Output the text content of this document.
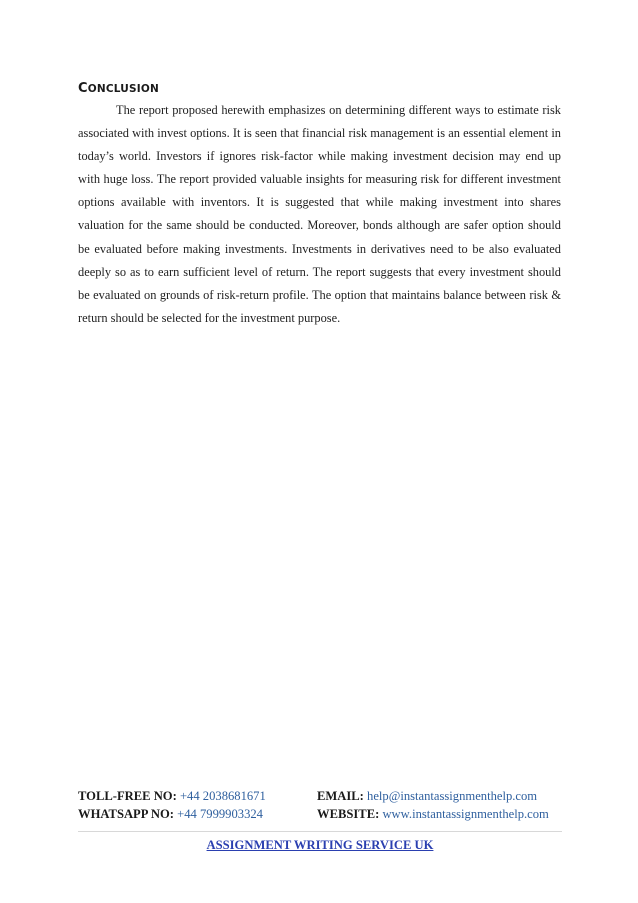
CONCLUSION

The report proposed herewith emphasizes on determining different ways to estimate risk associated with invest options. It is seen that financial risk management is an essential element in today’s world. Investors if ignores risk-factor while making investment decision may end up with huge loss. The report provided valuable insights for measuring risk for different investment options available with inventors. It is suggested that while making investment into shares valuation for the same should be conducted. Moreover, bonds although are safer option should be evaluated before making investments. Investments in derivatives need to be also evaluated deeply so as to earn sufficient level of return. The report suggests that every investment should be evaluated on grounds of risk-return profile. The option that maintains balance between risk & return should be selected for the investment purpose.

TOLL-FREE NO: +44 2038681671	EMAIL: help@instantassignmenthelp.com
WHATSAPP NO: +44 7999903324	WEBSITE: www.instantassignmenthelp.com
ASSIGNMENT WRITING SERVICE UK
